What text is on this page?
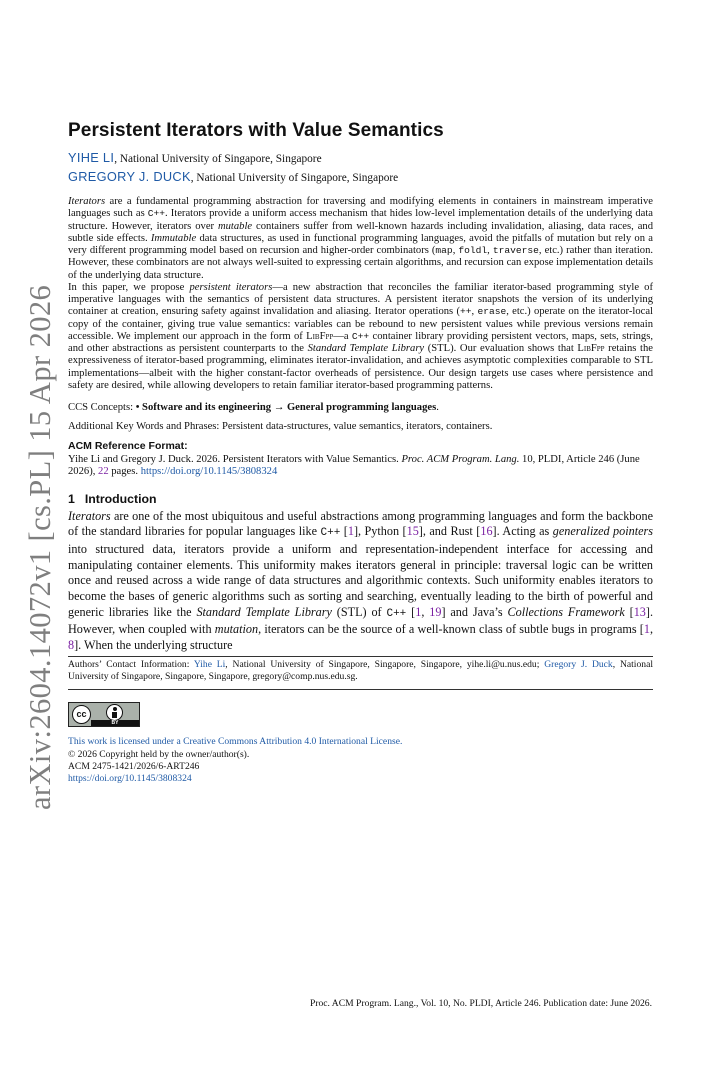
arXiv:2604.14072v1 [cs.PL] 15 Apr 2026
Persistent Iterators with Value Semantics
YIHE LI, National University of Singapore, Singapore
GREGORY J. DUCK, National University of Singapore, Singapore

Iterators are a fundamental programming abstraction for traversing and modifying elements in containers in mainstream imperative languages such as C++. Iterators provide a uniform access mechanism that hides low-level implementation details of the underlying data structure. However, iterators over mutable containers suffer from well-known hazards including invalidation, aliasing, data races, and subtle side effects. Immutable data structures, as used in functional programming languages, avoid the pitfalls of mutation but rely on a very different programming model based on recursion and higher-order combinators (map, foldl, traverse, etc.) rather than iteration. However, these combinators are not always well-suited to expressing certain algorithms, and recursion can expose implementation details of the underlying data structure.

In this paper, we propose persistent iterators—a new abstraction that reconciles the familiar iterator-based programming style of imperative languages with the semantics of persistent data structures. A persistent iterator snapshots the version of its underlying container at creation, ensuring safety against invalidation and aliasing. Iterator operations (++, erase, etc.) operate on the iterator-local copy of the container, giving true value semantics: variables can be rebound to new persistent values while previous versions remain accessible. We implement our approach in the form of LibFpp—a C++ container library providing persistent vectors, maps, sets, strings, and other abstractions as persistent counterparts to the Standard Template Library (STL). Our evaluation shows that LibFpp retains the expressiveness of iterator-based programming, eliminates iterator-invalidation, and achieves asymptotic complexities comparable to STL implementations—albeit with the higher constant-factor overheads of persistence. Our design targets use cases where persistence and safety are desired, while allowing developers to retain familiar iterator-based programming patterns.

CCS Concepts: • Software and its engineering → General programming languages.
Additional Key Words and Phrases: Persistent data-structures, value semantics, iterators, containers.
ACM Reference Format:
Yihe Li and Gregory J. Duck. 2026. Persistent Iterators with Value Semantics. Proc. ACM Program. Lang. 10, PLDI, Article 246 (June 2026), 22 pages. https://doi.org/10.1145/3808324
1 Introduction
Iterators are one of the most ubiquitous and useful abstractions among programming languages and form the backbone of the standard libraries for popular languages like C++ [1], Python [15], and Rust [16]. Acting as generalized pointers into structured data, iterators provide a uniform and representation-independent interface for accessing and manipulating container elements. This uniformity makes iterators general in principle: traversal logic can be written once and reused across a wide range of data structures and algorithmic contexts. Such uniformity enables iterators to become the bases of generic algorithms such as sorting and searching, eventually leading to the birth of powerful and generic libraries like the Standard Template Library (STL) of C++ [1, 19] and Java’s Collections Framework [13]. However, when coupled with mutation, iterators can be the source of a well-known class of subtle bugs in programs [1, 8]. When the underlying structure
Authors’ Contact Information: Yihe Li, National University of Singapore, Singapore, Singapore, yihe.li@u.nus.edu; Gregory J. Duck, National University of Singapore, Singapore, Singapore, gregory@comp.nus.edu.sg.
cc
BY
This work is licensed under a Creative Commons Attribution 4.0 International License.
© 2026 Copyright held by the owner/author(s).
ACM 2475-1421/2026/6-ART246
https://doi.org/10.1145/3808324
Proc. ACM Program. Lang., Vol. 10, No. PLDI, Article 246. Publication date: June 2026.
